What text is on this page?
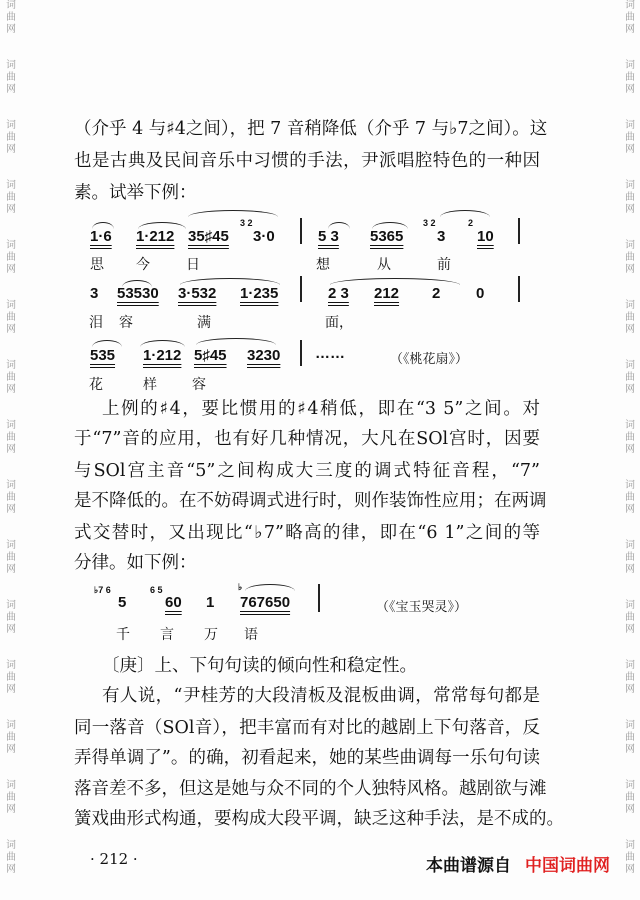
词
曲
网
词
曲
网
词
曲
网
词
曲
网
词
曲
网
词
曲
网
词
曲
网
词
曲
网
词
曲
网
词
曲
网
词
曲
网
词
曲
网
词
曲
网
词
曲
网
词
曲
网
词
曲
网
词
曲
网
词
曲
网
词
曲
网
词
曲
网
词
曲
网
词
曲
网
词
曲
网
词
曲
网
词
曲
网
词
曲
网
词
曲
网
词
曲
网
词
曲
网
词
曲
网
（介乎 4 与♯4之间），把 7 音稍降低（介乎 7 与♭7之间）。这
也是古典及民间音乐中习惯的手法，尹派唱腔特色的一种因
素。试举下例：
1·6 1·212 35♯45
3 2
3·0	5 3 5365
3 2
3
2
10
思 今	日	想	从	前
3 53530 3·532 1·235	2 3 212 2 0
泪 容	满	面，
535 1·212 5♯45 3230 ……	（《桃花扇》）
花	样	容
上例的♯4，要比惯用的♯4稍低，即在“3 5”之间。对
于“7”音的应用，也有好几种情况，大凡在SOl宫时，因要
与SOl宫主音“5”之间构成大三度的调式特征音程，“7”
是不降低的。在不妨碍调式进行时，则作装饰性应用；在两调
式交替时，又出现比“♭7”略高的律，即在“6 1”之间的等
分律。如下例：
♭7 6
5
6 5
60 1
♭
767650	（《宝玉哭灵》）
千 言 万 语
〔庚〕上、下句句读的倾向性和稳定性。
有人说，“尹桂芳的大段清板及混板曲调，常常每句都是
同一落音（SOl音），把丰富而有对比的越剧上下句落音，反
弄得单调了”。的确，初看起来，她的某些曲调每一乐句句读
落音差不多，但这是她与众不同的个人独特风格。越剧欲与滩
簧戏曲形式构通，要构成大段平调，缺乏这种手法，是不成的。
· 212 ·	本曲谱源自 中国词曲网
